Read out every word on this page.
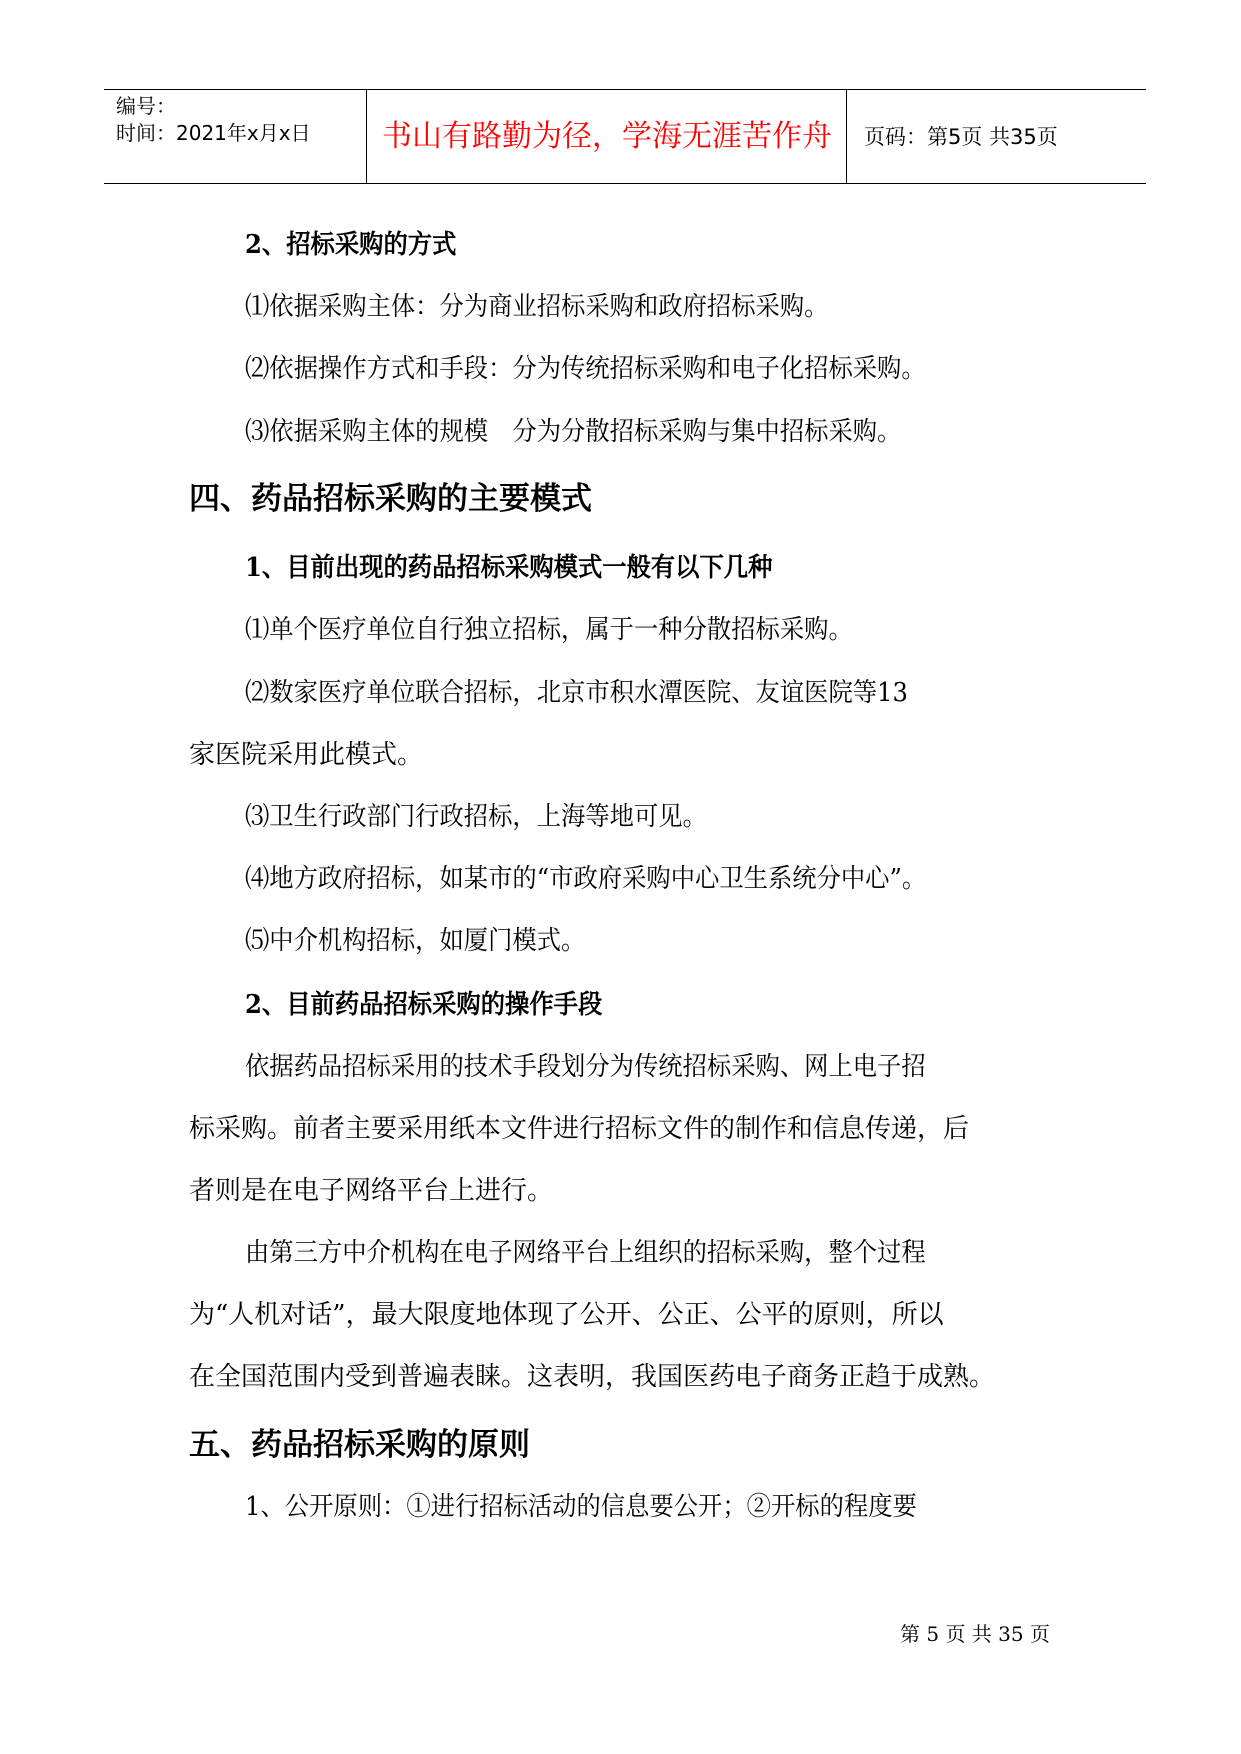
编号：
时间：2021年x月x日	书山有路勤为径，学海无涯苦作舟	页码：第5页 共35页
2、招标采购的方式
⑴依据采购主体：分为商业招标采购和政府招标采购。
⑵依据操作方式和手段：分为传统招标采购和电子化招标采购。
⑶依据采购主体的规模　分为分散招标采购与集中招标采购。
四、药品招标采购的主要模式
1、目前出现的药品招标采购模式一般有以下几种
⑴单个医疗单位自行独立招标，属于一种分散招标采购。
⑵数家医疗单位联合招标，北京市积水潭医院、友谊医院等13
家医院采用此模式。
⑶卫生行政部门行政招标，上海等地可见。
⑷地方政府招标，如某市的“市政府采购中心卫生系统分中心”。
⑸中介机构招标，如厦门模式。
2、目前药品招标采购的操作手段
依据药品招标采用的技术手段划分为传统招标采购、网上电子招
标采购。前者主要采用纸本文件进行招标文件的制作和信息传递，后
者则是在电子网络平台上进行。
由第三方中介机构在电子网络平台上组织的招标采购，整个过程
为“人机对话”，最大限度地体现了公开、公正、公平的原则，所以
在全国范围内受到普遍表睐。这表明，我国医药电子商务正趋于成熟。
五、药品招标采购的原则
1、公开原则：①进行招标活动的信息要公开；②开标的程度要
第 5 页 共 35 页
